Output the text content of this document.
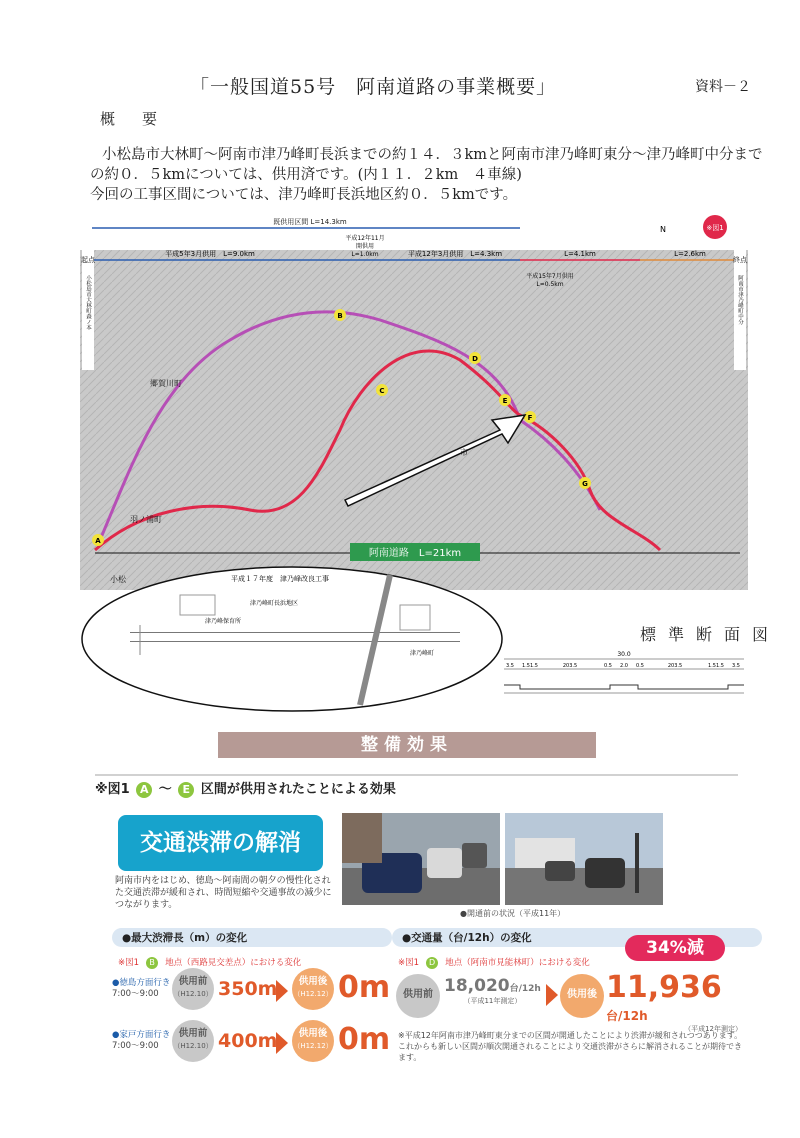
「一般国道55号　阿南道路の事業概要」	資料－２
概　要

小松島市大林町～阿南市津乃峰町長浜までの約１４．３kmと阿南市津乃峰町東分～津乃峰町中分までの約０．５kmについては、供用済です。(内１１．２km　４車線)

今回の工事区間については、津乃峰町長浜地区約０．５kmです。

既供用区間 L=14.3km
平成5年3月供用　L=9.0km
平成12年11月
開供用
L=1.0km	平成12年3月供用　L=4.3km	L=4.1km	L=2.6km
平成15年7月供用
L=0.5km
起点
小松島市大林町森ノ本
終点
阿南市津乃峰町中分
※図1
N
A
B
C
D
E
F
G
郷賀川町
羽ノ浦町
市
小松
阿南道路　L=21km
平成１７年度　津乃峰改良工事
津乃峰保育所
津乃峰町長浜地区
津乃峰町
標準断面図
30.0
3.5 1.5 1.5	203.5	0.5 2.0 0.5	203.5	1.5 1.5 3.5
整備効果
※図1 A ～ E 区間が供用されたことによる効果
交通渋滞の解消
阿南市内をはじめ、徳島～阿南間の朝夕の慢性化された交通渋滞が緩和され、時間短縮や交通事故の減少につながります。
●開通前の状況（平成11年）
●最大渋滞長（m）の変化
※図1 B 地点（西路見交差点）における変化
●徳島方面行き
7:00～9:00
供用前
（H12.10） 350m	供用後
（H12.12） 0m
●家戸方面行き
7:00～9:00
供用前
（H12.10） 400m	供用後
（H12.12） 0m
●交通量（台/12h）の変化	34%減
※図1 D 地点（阿南市見能林町）における変化
供用前 18,020台/12h
（平成11年測定）
供用後 11,936台/12h
（平成12年測定）
※平成12年阿南市津乃峰町東分までの区間が開通したことにより渋滞が緩和されつつあります。これからも新しい区間が順次開通されることにより交通渋滞がさらに解消されることが期待できます。
